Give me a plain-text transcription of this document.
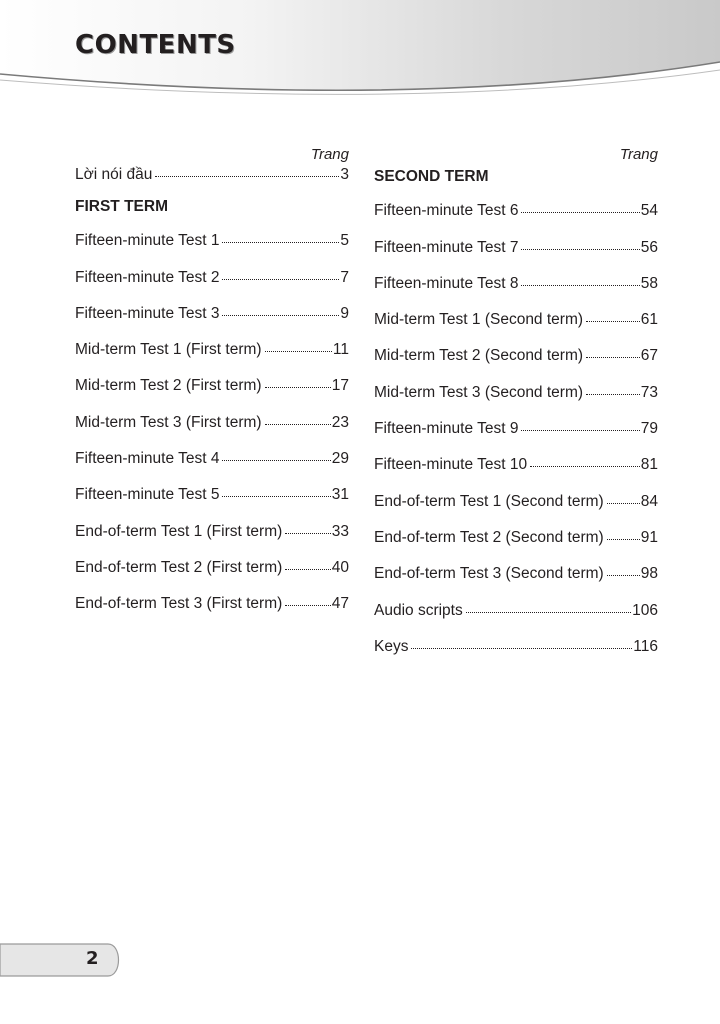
CONTENTS
Trang
Lời nói đầu	3
FIRST TERM
Fifteen-minute Test 1	5
Fifteen-minute Test 2	7
Fifteen-minute Test 3	9
Mid-term Test 1 (First term)	11
Mid-term Test 2 (First term)	17
Mid-term Test 3 (First term)	23
Fifteen-minute Test 4	29
Fifteen-minute Test 5	31
End-of-term Test 1 (First term)	33
End-of-term Test 2 (First term)	40
End-of-term Test 3 (First term)	47
Trang
SECOND TERM
Fifteen-minute Test 6	54
Fifteen-minute Test 7	56
Fifteen-minute Test 8	58
Mid-term Test 1 (Second term)	61
Mid-term Test 2 (Second term)	67
Mid-term Test 3 (Second term)	73
Fifteen-minute Test 9	79
Fifteen-minute Test 10	81
End-of-term Test 1 (Second term) 84
End-of-term Test 2 (Second term) 91
End-of-term Test 3 (Second term) 98
Audio scripts	106
Keys	116

2
